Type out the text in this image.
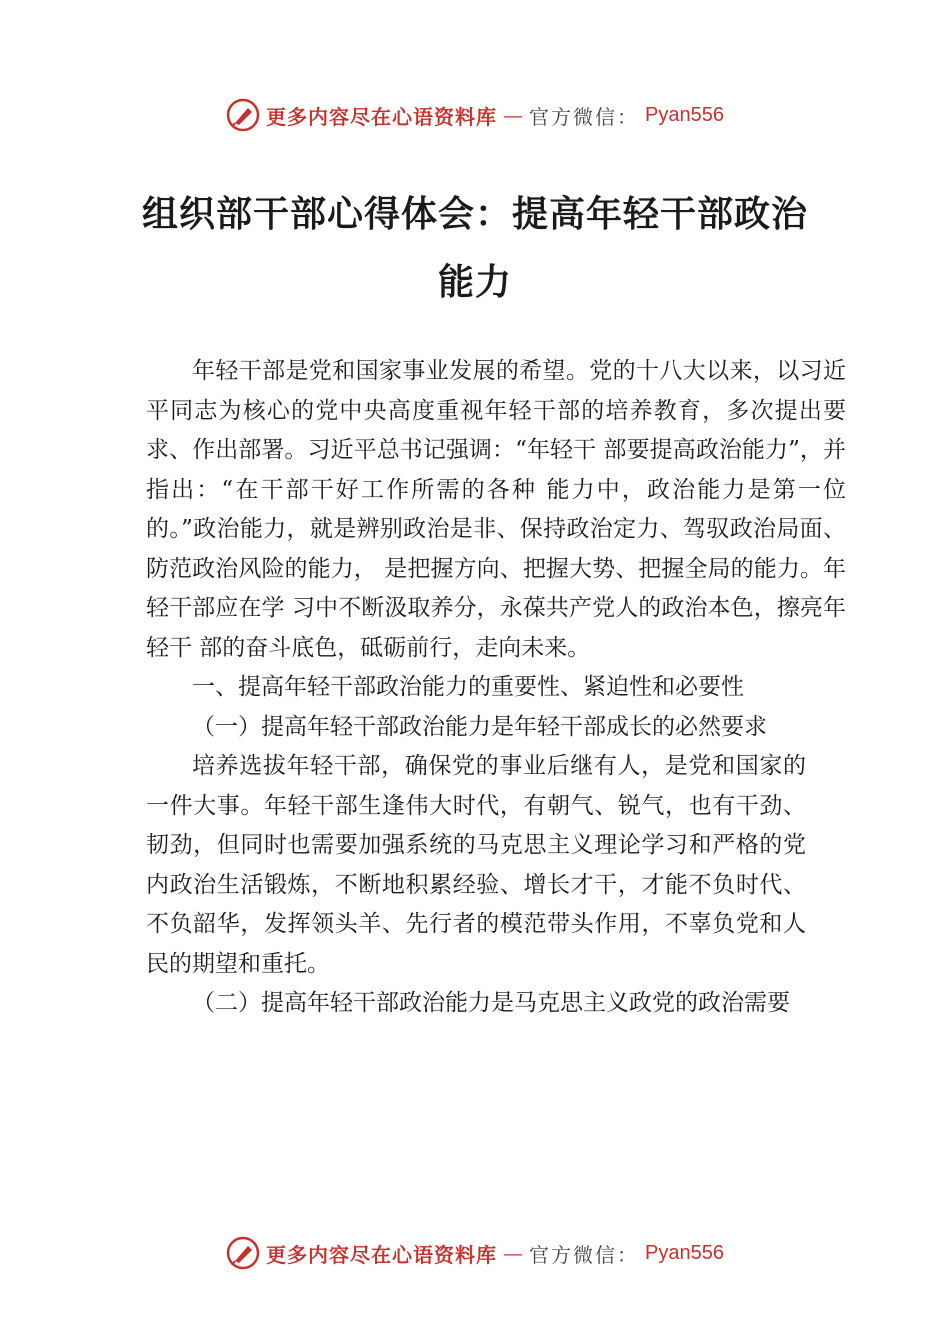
更多内容尽在心语资料库 — 官方微信： Pyan556
组织部干部心得体会：提高年轻干部政治
能力

年轻干部是党和国家事业发展的希望。党的十八大以来，以习近平同志为核心的党中央高度重视年轻干部的培养教育，多次提出要求、作出部署。习近平总书记强调：“年轻干 部要提高政治能力”，并指出：“在干部干好工作所需的各种 能力中，政治能力是第一位的。”政治能力，就是辨别政治是非、保持政治定力、驾驭政治局面、防范政治风险的能力， 是把握方向、把握大势、把握全局的能力。年轻干部应在学 习中不断汲取养分，永葆共产党人的政治本色，擦亮年轻干 部的奋斗底色，砥砺前行，走向未来。

一、提高年轻干部政治能力的重要性、紧迫性和必要性

（一）提高年轻干部政治能力是年轻干部成长的必然要求

培养选拔年轻干部，确保党的事业后继有人，是党和国家的一件大事。年轻干部生逢伟大时代，有朝气、锐气，也有干劲、韧劲，但同时也需要加强系统的马克思主义理论学习和严格的党内政治生活锻炼，不断地积累经验、增长才干，才能不负时代、不负韶华，发挥领头羊、先行者的模范带头作用，不辜负党和人民的期望和重托。

（二）提高年轻干部政治能力是马克思主义政党的政治需要

更多内容尽在心语资料库 — 官方微信： Pyan556
